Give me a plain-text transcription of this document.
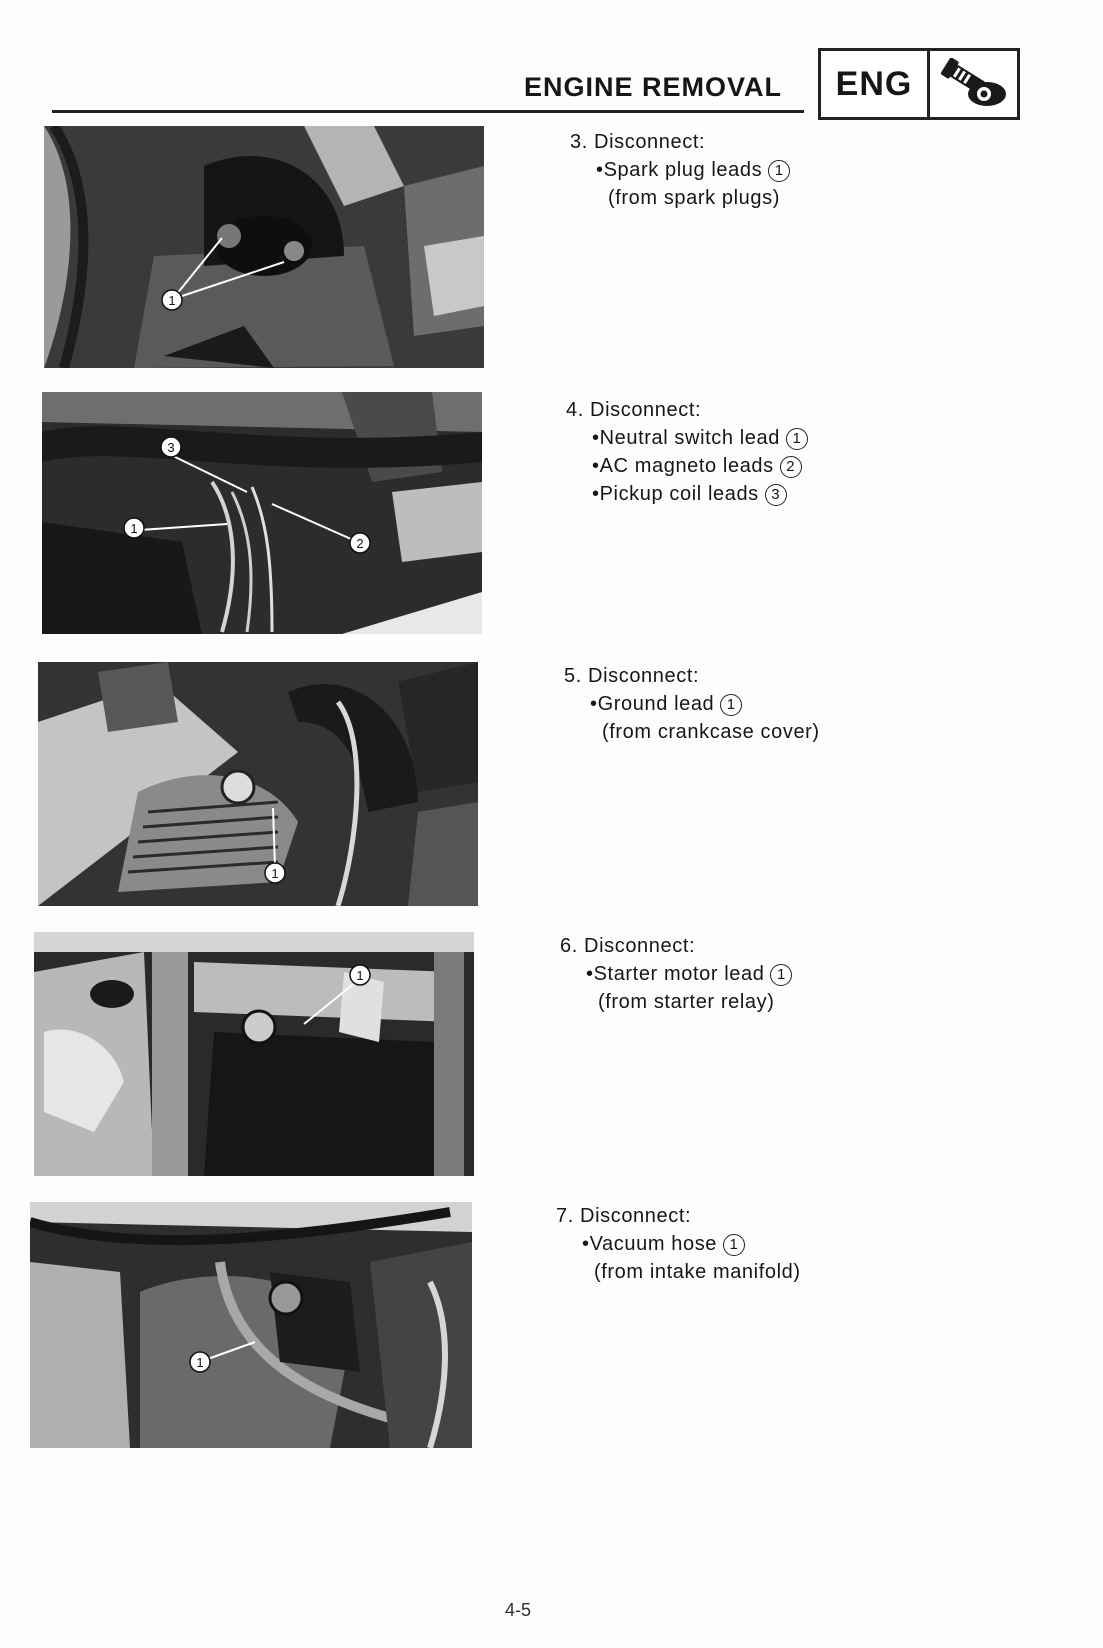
ENGINE REMOVAL	ENG
1
3
1
2
1
1
1
3. Disconnect:
•Spark plug leads 1
(from spark plugs)
4. Disconnect:
•Neutral switch lead 1
•AC magneto leads 2
•Pickup coil leads 3
5. Disconnect:
•Ground lead 1
(from crankcase cover)
6. Disconnect:
•Starter motor lead 1
(from starter relay)
7. Disconnect:
•Vacuum hose 1
(from intake manifold)
4-5
